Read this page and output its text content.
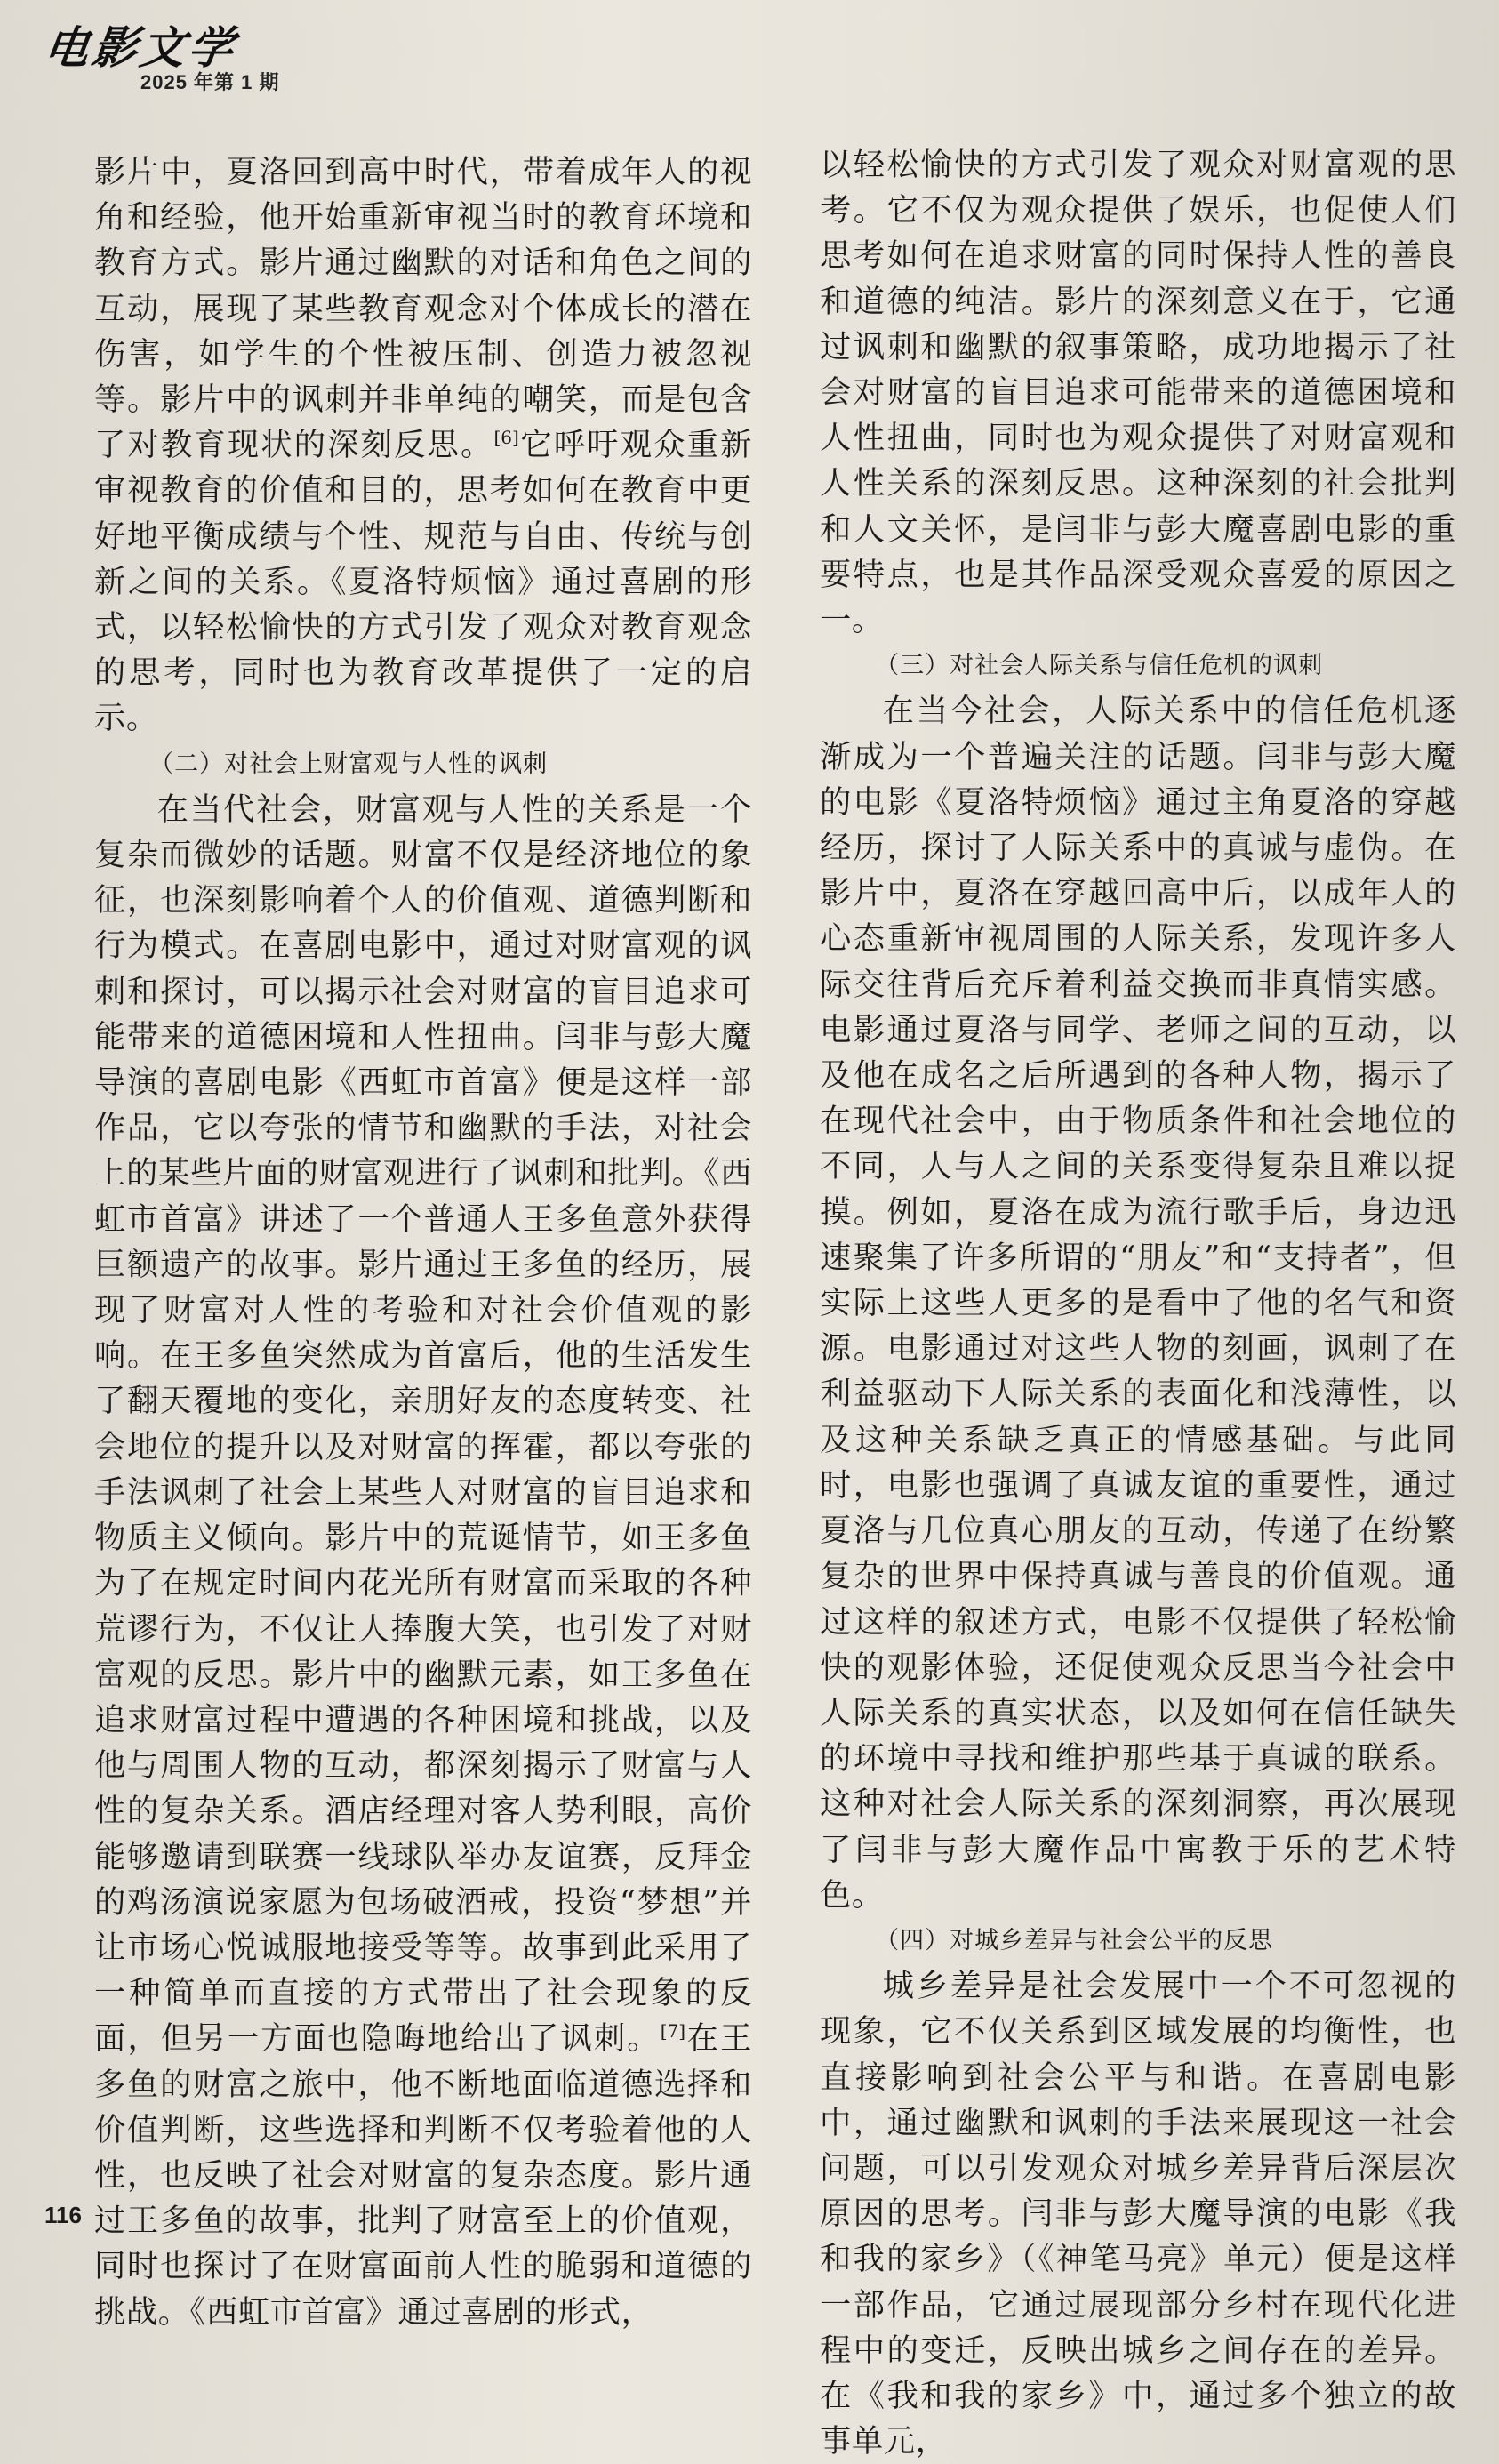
电影文学
2025 年第 1 期

影片中，夏洛回到高中时代，带着成年人的视角和经验，他开始重新审视当时的教育环境和教育方式。影片通过幽默的对话和角色之间的互动，展现了某些教育观念对个体成长的潜在伤害，如学生的个性被压制、创造力被忽视等。影片中的讽刺并非单纯的嘲笑，而是包含了对教育现状的深刻反思。[6]它呼吁观众重新审视教育的价值和目的，思考如何在教育中更好地平衡成绩与个性、规范与自由、传统与创新之间的关系。《夏洛特烦恼》通过喜剧的形式，以轻松愉快的方式引发了观众对教育观念的思考，同时也为教育改革提供了一定的启示。

（二）对社会上财富观与人性的讽刺

在当代社会，财富观与人性的关系是一个复杂而微妙的话题。财富不仅是经济地位的象征，也深刻影响着个人的价值观、道德判断和行为模式。在喜剧电影中，通过对财富观的讽刺和探讨，可以揭示社会对财富的盲目追求可能带来的道德困境和人性扭曲。闫非与彭大魔导演的喜剧电影《西虹市首富》便是这样一部作品，它以夸张的情节和幽默的手法，对社会上的某些片面的财富观进行了讽刺和批判。《西虹市首富》讲述了一个普通人王多鱼意外获得巨额遗产的故事。影片通过王多鱼的经历，展现了财富对人性的考验和对社会价值观的影响。在王多鱼突然成为首富后，他的生活发生了翻天覆地的变化，亲朋好友的态度转变、社会地位的提升以及对财富的挥霍，都以夸张的手法讽刺了社会上某些人对财富的盲目追求和物质主义倾向。影片中的荒诞情节，如王多鱼为了在规定时间内花光所有财富而采取的各种荒谬行为，不仅让人捧腹大笑，也引发了对财富观的反思。影片中的幽默元素，如王多鱼在追求财富过程中遭遇的各种困境和挑战，以及他与周围人物的互动，都深刻揭示了财富与人性的复杂关系。酒店经理对客人势利眼，高价能够邀请到联赛一线球队举办友谊赛，反拜金的鸡汤演说家愿为包场破酒戒，投资“梦想”并让市场心悦诚服地接受等等。故事到此采用了一种简单而直接的方式带出了社会现象的反面，但另一方面也隐晦地给出了讽刺。[7]在王多鱼的财富之旅中，他不断地面临道德选择和价值判断，这些选择和判断不仅考验着他的人性，也反映了社会对财富的复杂态度。影片通过王多鱼的故事，批判了财富至上的价值观，同时也探讨了在财富面前人性的脆弱和道德的挑战。《西虹市首富》通过喜剧的形式，

以轻松愉快的方式引发了观众对财富观的思考。它不仅为观众提供了娱乐，也促使人们思考如何在追求财富的同时保持人性的善良和道德的纯洁。影片的深刻意义在于，它通过讽刺和幽默的叙事策略，成功地揭示了社会对财富的盲目追求可能带来的道德困境和人性扭曲，同时也为观众提供了对财富观和人性关系的深刻反思。这种深刻的社会批判和人文关怀，是闫非与彭大魔喜剧电影的重要特点，也是其作品深受观众喜爱的原因之一。

（三）对社会人际关系与信任危机的讽刺

在当今社会，人际关系中的信任危机逐渐成为一个普遍关注的话题。闫非与彭大魔的电影《夏洛特烦恼》通过主角夏洛的穿越经历，探讨了人际关系中的真诚与虚伪。在影片中，夏洛在穿越回高中后，以成年人的心态重新审视周围的人际关系，发现许多人际交往背后充斥着利益交换而非真情实感。电影通过夏洛与同学、老师之间的互动，以及他在成名之后所遇到的各种人物，揭示了在现代社会中，由于物质条件和社会地位的不同，人与人之间的关系变得复杂且难以捉摸。例如，夏洛在成为流行歌手后，身边迅速聚集了许多所谓的“朋友”和“支持者”，但实际上这些人更多的是看中了他的名气和资源。电影通过对这些人物的刻画，讽刺了在利益驱动下人际关系的表面化和浅薄性，以及这种关系缺乏真正的情感基础。与此同时，电影也强调了真诚友谊的重要性，通过夏洛与几位真心朋友的互动，传递了在纷繁复杂的世界中保持真诚与善良的价值观。通过这样的叙述方式，电影不仅提供了轻松愉快的观影体验，还促使观众反思当今社会中人际关系的真实状态，以及如何在信任缺失的环境中寻找和维护那些基于真诚的联系。这种对社会人际关系的深刻洞察，再次展现了闫非与彭大魔作品中寓教于乐的艺术特色。

（四）对城乡差异与社会公平的反思

城乡差异是社会发展中一个不可忽视的现象，它不仅关系到区域发展的均衡性，也直接影响到社会公平与和谐。在喜剧电影中，通过幽默和讽刺的手法来展现这一社会问题，可以引发观众对城乡差异背后深层次原因的思考。闫非与彭大魔导演的电影《我和我的家乡》（《神笔马亮》单元）便是这样一部作品，它通过展现部分乡村在现代化进程中的变迁，反映出城乡之间存在的差异。在《我和我的家乡》中，通过多个独立的故事单元，

116
